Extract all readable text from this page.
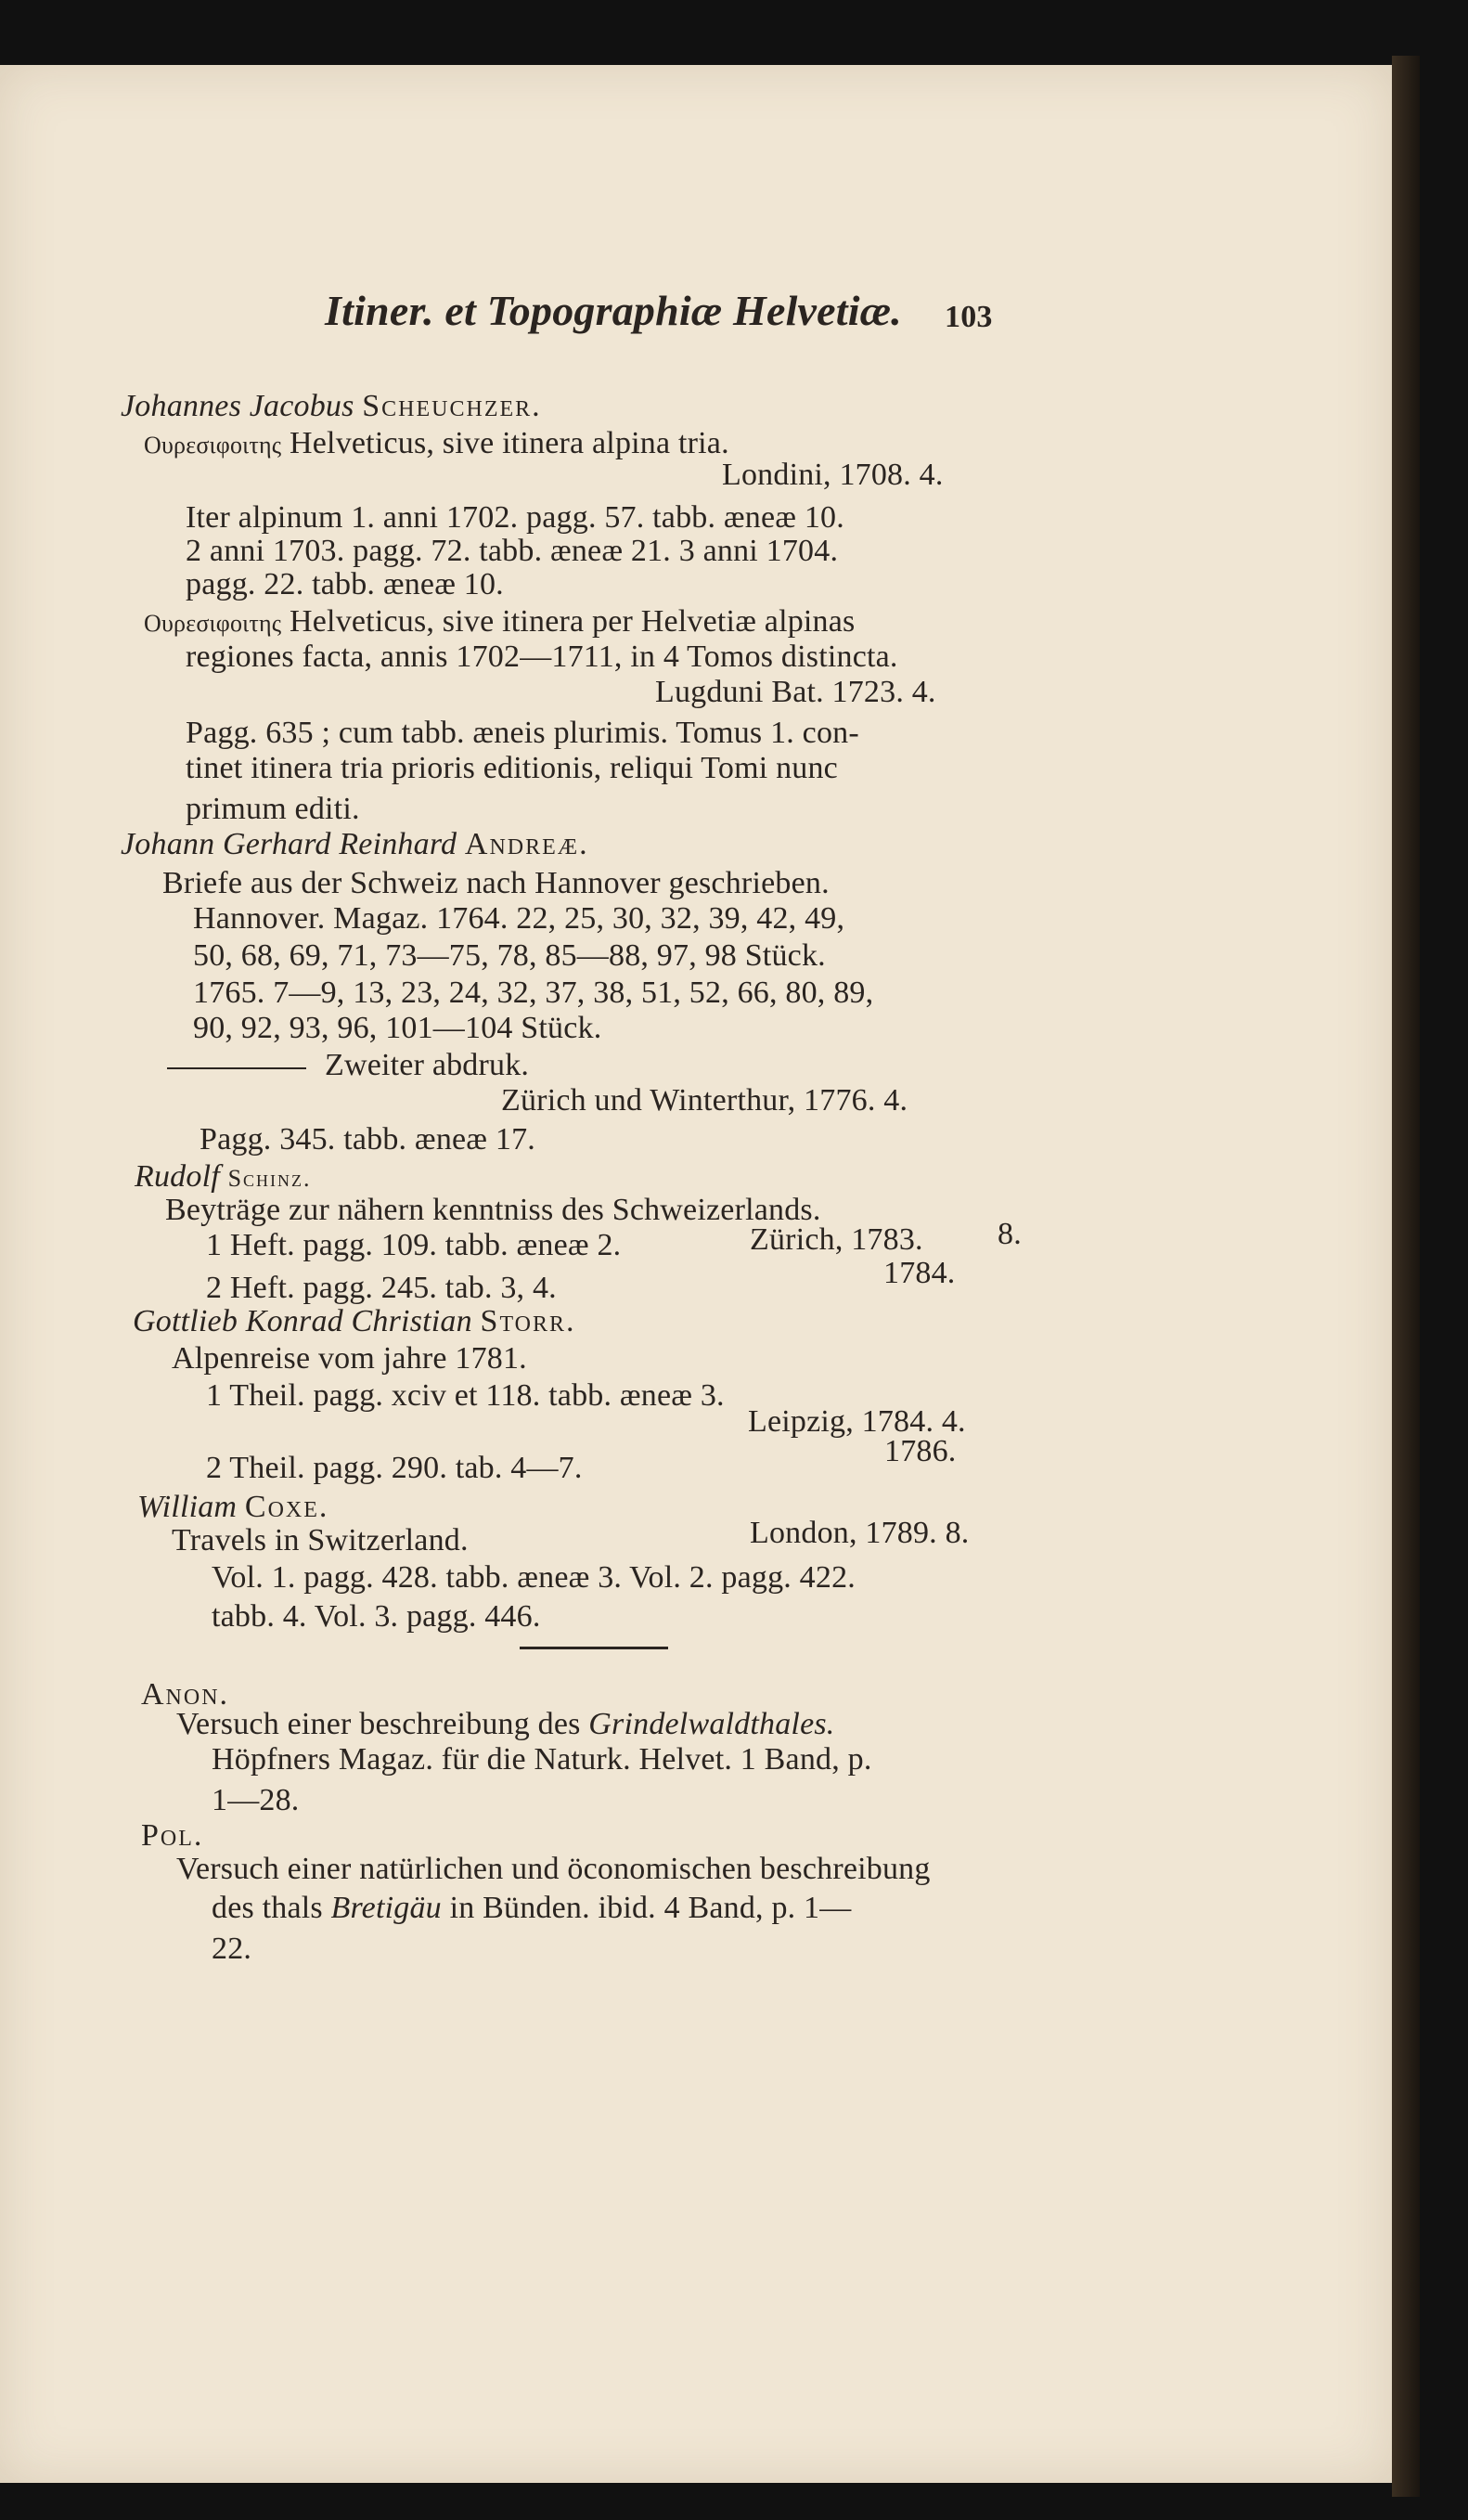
Itiner. et Topographiæ Helvetiæ. 103
Johannes Jacobus Scheuchzer.
Ουρεσιφοιτης Helveticus, sive itinera alpina tria.
Londini, 1708. 4.
Iter alpinum 1. anni 1702. pagg. 57. tabb. æneæ 10.
2 anni 1703. pagg. 72. tabb. æneæ 21. 3 anni 1704.
pagg. 22. tabb. æneæ 10.
Ουρεσιφοιτης Helveticus, sive itinera per Helvetiæ alpinas
regiones facta, annis 1702—1711, in 4 Tomos distincta.
Lugduni Bat. 1723. 4.
Pagg. 635 ; cum tabb. æneis plurimis. Tomus 1. con-
tinet itinera tria prioris editionis, reliqui Tomi nunc
primum editi.
Johann Gerhard Reinhard Andreæ.
Briefe aus der Schweiz nach Hannover geschrieben.
Hannover. Magaz. 1764. 22, 25, 30, 32, 39, 42, 49,
50, 68, 69, 71, 73—75, 78, 85—88, 97, 98 Stück.
1765. 7—9, 13, 23, 24, 32, 37, 38, 51, 52, 66, 80, 89,
90, 92, 93, 96, 101—104 Stück.
Zweiter abdruk.
Zürich und Winterthur, 1776. 4.
Pagg. 345. tabb. æneæ 17.
Rudolf Schinz.
Beyträge zur nähern kenntniss des Schweizerlands.
1 Heft. pagg. 109. tabb. æneæ 2.	Zürich, 1783. 8.
2 Heft. pagg. 245. tab. 3, 4.	1784.
Gottlieb Konrad Christian Storr.
Alpenreise vom jahre 1781.
1 Theil. pagg. xciv et 118. tabb. æneæ 3.
Leipzig, 1784. 4.
2 Theil. pagg. 290. tab. 4—7.	1786.
William Coxe.
Travels in Switzerland.	London, 1789. 8.
Vol. 1. pagg. 428. tabb. æneæ 3. Vol. 2. pagg. 422.
tabb. 4. Vol. 3. pagg. 446.
Anon.
Versuch einer beschreibung des Grindelwaldthales.
Höpfners Magaz. für die Naturk. Helvet. 1 Band, p.
1—28.
Pol.
Versuch einer natürlichen und öconomischen beschreibung
des thals Bretigäu in Bünden. ibid. 4 Band, p. 1—
22.
